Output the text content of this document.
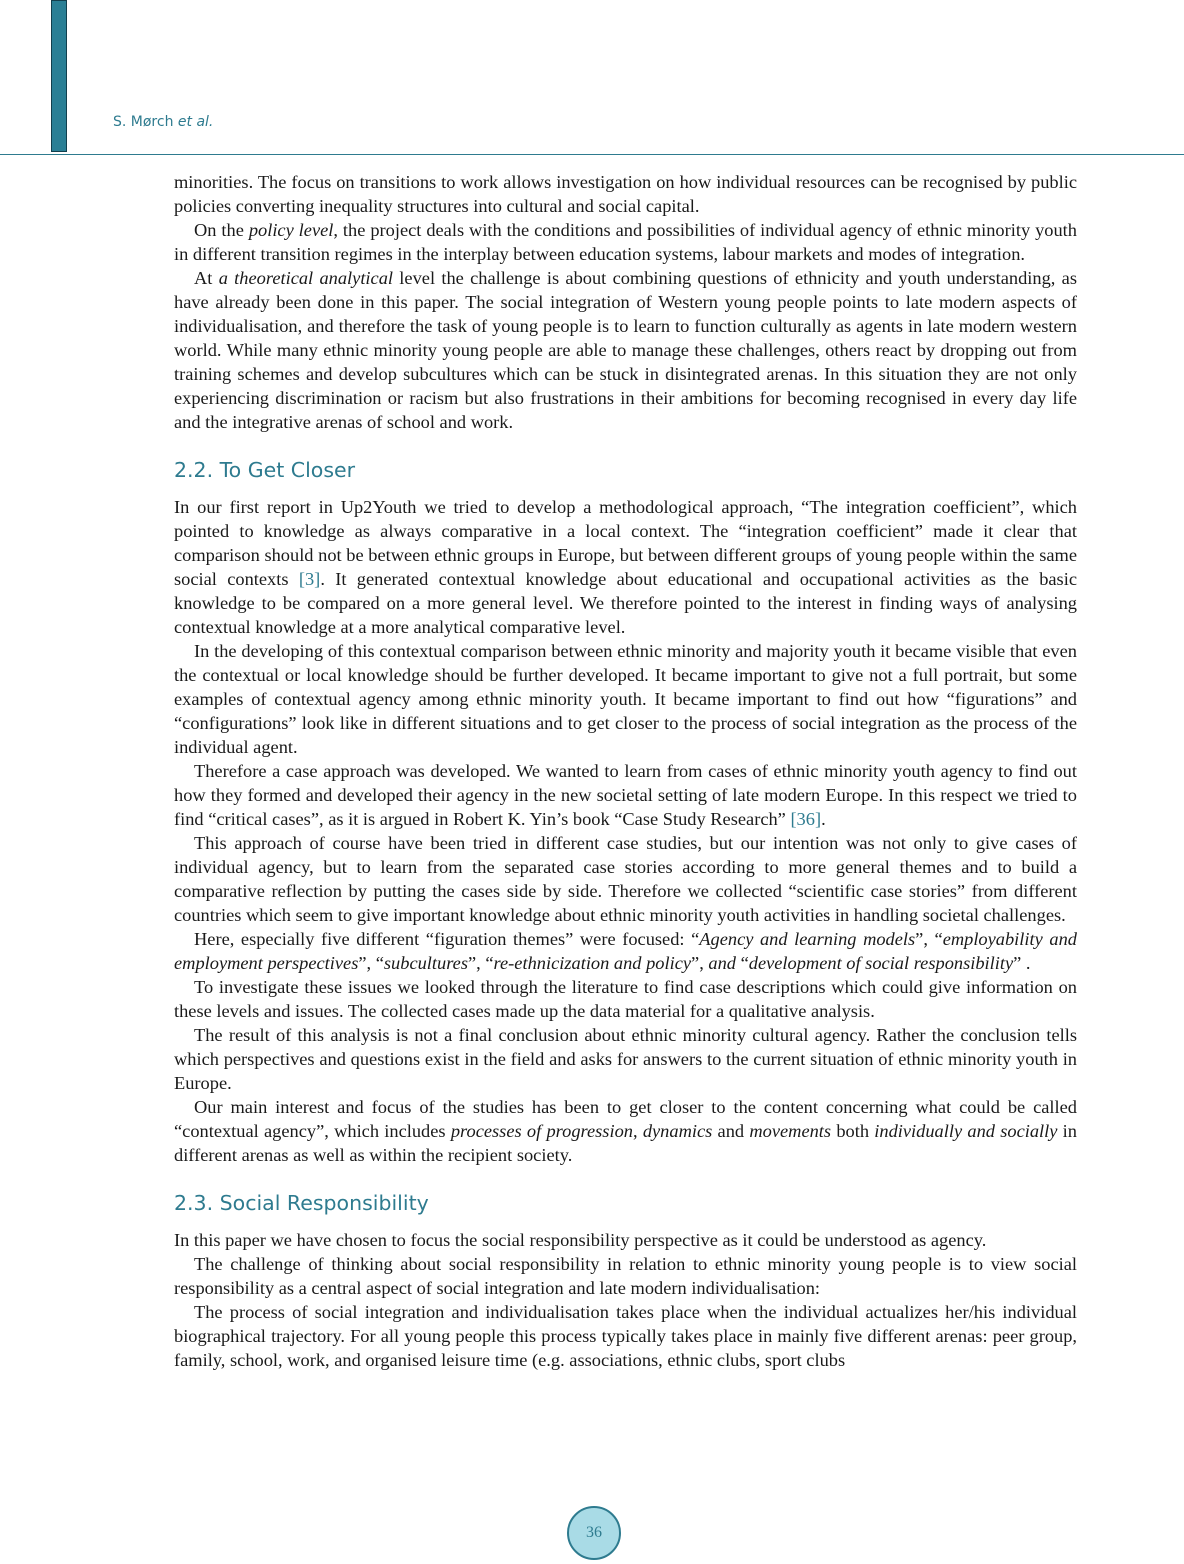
S. Mørch et al.

minorities. The focus on transitions to work allows investigation on how individual resources can be recognised by public policies converting inequality structures into cultural and social capital.

On the policy level, the project deals with the conditions and possibilities of individual agency of ethnic minority youth in different transition regimes in the interplay between education systems, labour markets and modes of integration.

At a theoretical analytical level the challenge is about combining questions of ethnicity and youth understanding, as have already been done in this paper. The social integration of Western young people points to late modern aspects of individualisation, and therefore the task of young people is to learn to function culturally as agents in late modern western world. While many ethnic minority young people are able to manage these challenges, others react by dropping out from training schemes and develop subcultures which can be stuck in disintegrated arenas. In this situation they are not only experiencing discrimination or racism but also frustrations in their ambitions for becoming recognised in every day life and the integrative arenas of school and work.

2.2. To Get Closer

In our first report in Up2Youth we tried to develop a methodological approach, “The integration coefficient”, which pointed to knowledge as always comparative in a local context. The “integration coefficient” made it clear that comparison should not be between ethnic groups in Europe, but between different groups of young people within the same social contexts [3]. It generated contextual knowledge about educational and occupational activities as the basic knowledge to be compared on a more general level. We therefore pointed to the interest in finding ways of analysing contextual knowledge at a more analytical comparative level.

In the developing of this contextual comparison between ethnic minority and majority youth it became visible that even the contextual or local knowledge should be further developed. It became important to give not a full portrait, but some examples of contextual agency among ethnic minority youth. It became important to find out how “figurations” and “configurations” look like in different situations and to get closer to the process of social integration as the process of the individual agent.

Therefore a case approach was developed. We wanted to learn from cases of ethnic minority youth agency to find out how they formed and developed their agency in the new societal setting of late modern Europe. In this respect we tried to find “critical cases”, as it is argued in Robert K. Yin’s book “Case Study Research” [36].

This approach of course have been tried in different case studies, but our intention was not only to give cases of individual agency, but to learn from the separated case stories according to more general themes and to build a comparative reflection by putting the cases side by side. Therefore we collected “scientific case stories” from different countries which seem to give important knowledge about ethnic minority youth activities in handling societal challenges.

Here, especially five different “figuration themes” were focused: “Agency and learning models”, “employability and employment perspectives”, “subcultures”, “re-ethnicization and policy”, and “development of social responsibility” .

To investigate these issues we looked through the literature to find case descriptions which could give information on these levels and issues. The collected cases made up the data material for a qualitative analysis.

The result of this analysis is not a final conclusion about ethnic minority cultural agency. Rather the conclusion tells which perspectives and questions exist in the field and asks for answers to the current situation of ethnic minority youth in Europe.

Our main interest and focus of the studies has been to get closer to the content concerning what could be called “contextual agency”, which includes processes of progression, dynamics and movements both individually and socially in different arenas as well as within the recipient society.

2.3. Social Responsibility

In this paper we have chosen to focus the social responsibility perspective as it could be understood as agency.

The challenge of thinking about social responsibility in relation to ethnic minority young people is to view social responsibility as a central aspect of social integration and late modern individualisation:

The process of social integration and individualisation takes place when the individual actualizes her/his individual biographical trajectory. For all young people this process typically takes place in mainly five different arenas: peer group, family, school, work, and organised leisure time (e.g. associations, ethnic clubs, sport clubs

36
